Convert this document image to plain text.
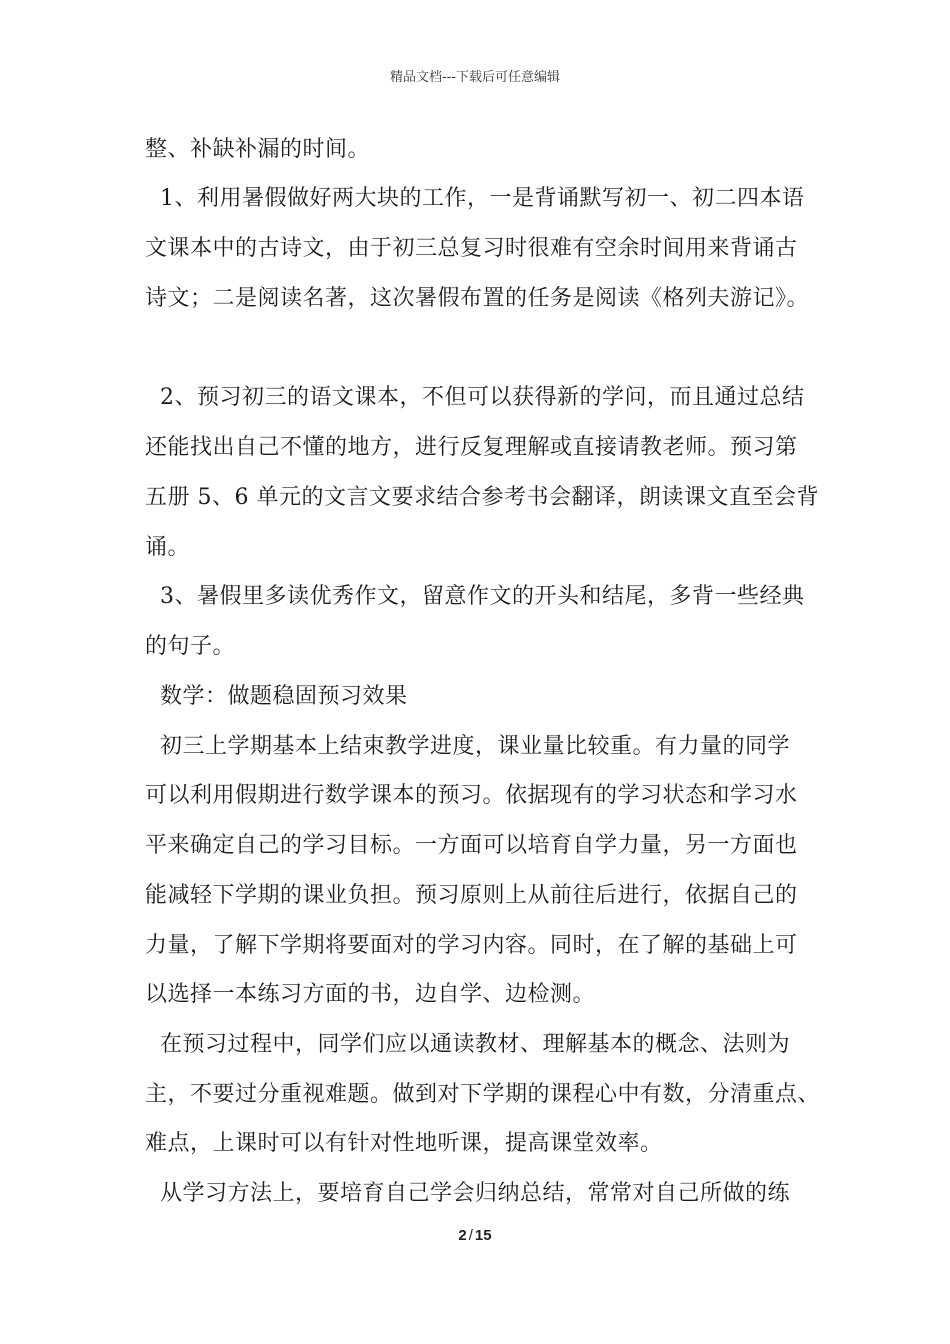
精品文档---下载后可任意编辑
整、补缺补漏的时间。
1、利用暑假做好两大块的工作，一是背诵默写初一、初二四本语
文课本中的古诗文，由于初三总复习时很难有空余时间用来背诵古
诗文；二是阅读名著，这次暑假布置的任务是阅读《格列夫游记》。
2、预习初三的语文课本，不但可以获得新的学问，而且通过总结
还能找出自己不懂的地方，进行反复理解或直接请教老师。预习第
五册 5、6 单元的文言文要求结合参考书会翻译，朗读课文直至会背
诵。
3、暑假里多读优秀作文，留意作文的开头和结尾，多背一些经典
的句子。
数学：做题稳固预习效果
初三上学期基本上结束教学进度，课业量比较重。有力量的同学
可以利用假期进行数学课本的预习。依据现有的学习状态和学习水
平来确定自己的学习目标。一方面可以培育自学力量，另一方面也
能减轻下学期的课业负担。预习原则上从前往后进行，依据自己的
力量，了解下学期将要面对的学习内容。同时，在了解的基础上可
以选择一本练习方面的书，边自学、边检测。
在预习过程中，同学们应以通读教材、理解基本的概念、法则为
主，不要过分重视难题。做到对下学期的课程心中有数，分清重点、
难点，上课时可以有针对性地听课，提高课堂效率。
从学习方法上，要培育自己学会归纳总结，常常对自己所做的练
2 / 15
